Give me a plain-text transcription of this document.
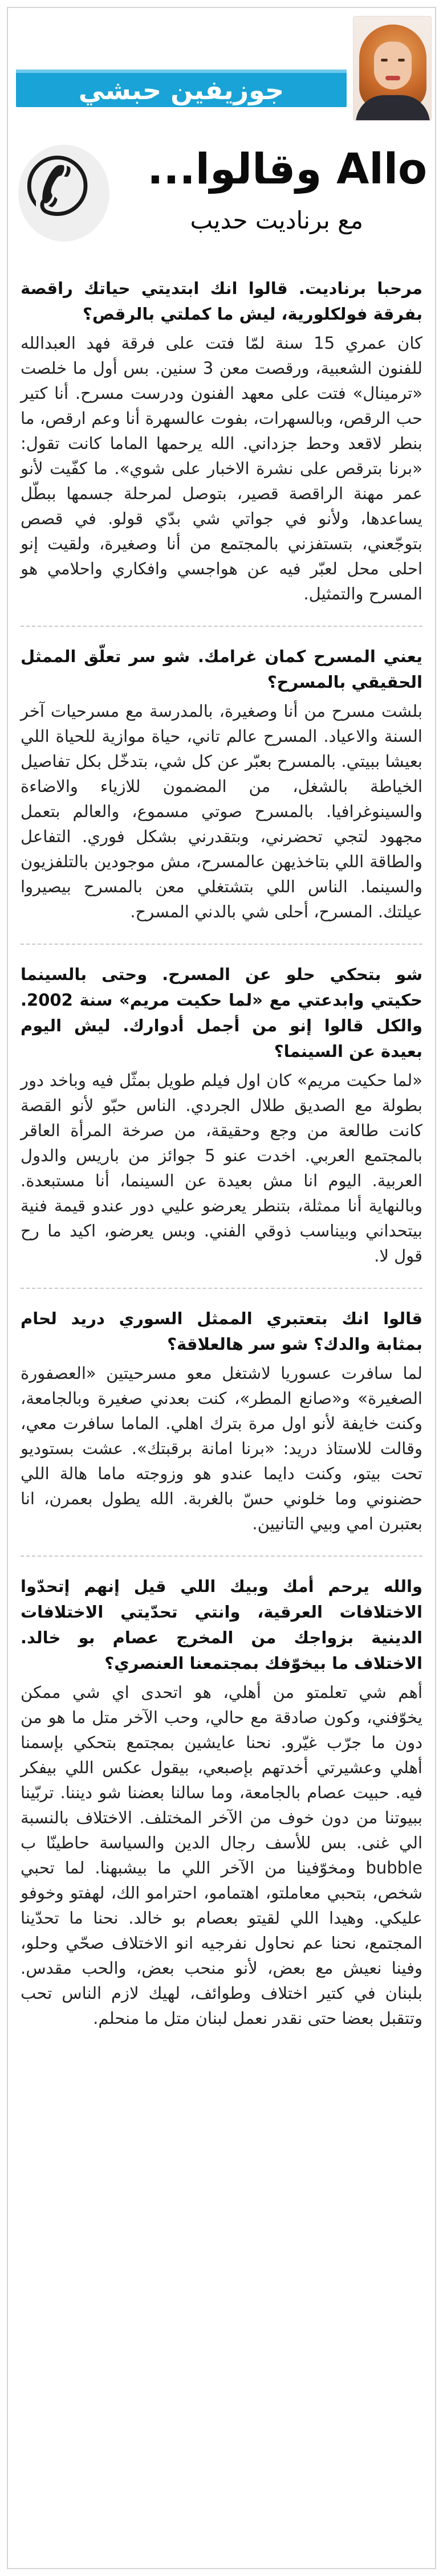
جوزيفين حبشي
✆ Allo وقالوا...
مع برناديت حديب

مرحبا برناديت. قالوا انك ابتديتي حياتك راقصة بفرقة فولكلورية، ليش ما كملتي بالرقص؟

كان عمري 15 سنة لمّا فتت على فرقة فهد العبدالله للفنون الشعبية، ورقصت معن 3 سنين. بس أول ما خلصت «ترمينال» فتت على معهد الفنون ودرست مسرح. أنا كتير حب الرقص، وبالسهرات، بفوت عالسهرة أنا وعم ارقص، ما بنطر لاقعد وحط جزداني. الله يرحمها الماما كانت تقول: «برنا بترقص على نشرة الاخبار على شوي». ما كفّيت لأنو عمر مهنة الراقصة قصير، بتوصل لمرحلة جسمها ببطّل يساعدها، ولأنو في جواتي شي بدّي قولو. في قصص بتوجّعني، بتستفزني بالمجتمع من أنا وصغيرة، ولقيت إنو احلى محل لعبّر فيه عن هواجسي وافكاري واحلامي هو المسرح والتمثيل.

يعني المسرح كمان غرامك. شو سر تعلّق الممثل الحقيقي بالمسرح؟

بلشت مسرح من أنا وصغيرة، بالمدرسة مع مسرحيات آخر السنة والاعياد. المسرح عالم تاني، حياة موازية للحياة اللي بعيشا ببيتي. بالمسرح بعبّر عن كل شي، بتدخّل بكل تفاصيل الخياطة بالشغل، من المضمون للازياء والاضاءة والسينوغرافيا. بالمسرح صوتي مسموع، والعالم بتعمل مجهود لتجي تحضرني، وبتقدرني بشكل فوري. التفاعل والطاقة اللي بتاخذيهن عالمسرح، مش موجودين بالتلفزيون والسينما. الناس اللي بتشتغلي معن بالمسرح بيصيروا عيلتك. المسرح، أحلى شي بالدني المسرح.

شو بتحكي حلو عن المسرح. وحتى بالسينما حكيتي وابدعتي مع «لما حكيت مريم» سنة 2002. والكل قالوا إنو من أجمل أدوارك. ليش اليوم بعيدة عن السينما؟

«لما حكيت مريم» كان اول فيلم طويل بمثّل فيه وباخد دور بطولة مع الصديق طلال الجردي. الناس حبّو لأنو القصة كانت طالعة من وجع وحقيقة، من صرخة المرأة العاقر بالمجتمع العربي. اخدت عنو 5 جوائز من باريس والدول العربية. اليوم انا مش بعيدة عن السينما، أنا مستبعدة. وبالنهاية أنا ممثلة، بتنطر يعرضو عليي دور عندو قيمة فنية بيتحداني وبيناسب ذوقي الفني. وبس يعرضو، اكيد ما رح قول لا.

قالوا انك بتعتبري الممثل السوري دريد لحام بمثابة والدك؟ شو سر هالعلاقة؟

لما سافرت عسوريا لاشتغل معو مسرحيتين «العصفورة الصغيرة» و«صانع المطر»، كنت بعدني صغيرة وبالجامعة، وكنت خايفة لأنو اول مرة بترك اهلي. الماما سافرت معي، وقالت للاستاذ دريد: «برنا امانة برقبتك». عشت بستوديو تحت بيتو، وكنت دايما عندو هو وزوجته ماما هالة اللي حضنوني وما خلوني حسّ بالغربة. الله يطول بعمرن، انا بعتبرن امي وبيي التانيين.

والله يرحم أمك وبيك اللي قيل إنهم إتحدّوا الاختلافات العرقية، وانتي تحدّيتي الاختلافات الدينية بزواجك من المخرج عصام بو خالد. الاختلاف ما بيخوّفك بمجتمعنا العنصري؟

أهم شي تعلمتو من أهلي، هو اتحدى اي شي ممكن يخوّفني، وكون صادقة مع حالي، وحب الآخر متل ما هو من دون ما جرّب غيّرو. نحنا عايشين بمجتمع بتحكي بإسمنا أهلي وعشيرتي أخدتهم بإصبعي، بيقول عكس اللي بيفكر فيه. حبيت عصام بالجامعة، وما سالنا بعضنا شو ديننا. تربّينا ببيوتنا من دون خوف من الآخر المختلف. الاختلاف بالنسبة الي غنى. بس للأسف رجال الدين والسياسة حاطينّا ب bubble ومخوّفينا من الآخر اللي ما بيشبهنا. لما تحبي شخص، بتحبي معاملتو، اهتمامو، احترامو الك، لهفتو وخوفو عليكي. وهيدا اللي لقيتو بعصام بو خالد. نحنا ما تحدّينا المجتمع، نحنا عم نحاول نفرجيه انو الاختلاف صحّي وحلو، وفينا نعيش مع بعض، لأنو منحب بعض، والحب مقدس. بلبنان في كتير اختلاف وطوائف، لهيك لازم الناس تحب وتتقبل بعضا حتى نقدر نعمل لبنان متل ما منحلم.
